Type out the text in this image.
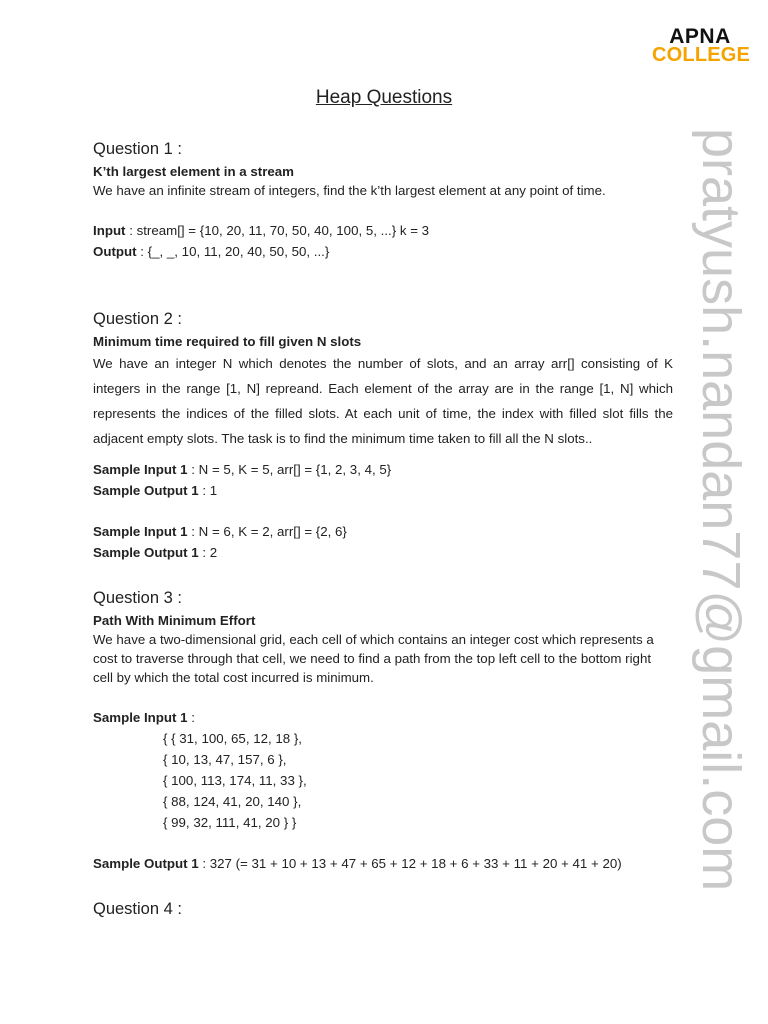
APNA
COLLEGE
pratyush.nandan77@gmail.com
Heap Questions
Question 1 :

K’th largest element in a stream

We have an infinite stream of integers, find the k’th largest element at any point of time.

Input : stream[] = {10, 20, 11, 70, 50, 40, 100, 5, ...} k = 3

Output : {_, _, 10, 11, 20, 40, 50, 50, ...}

Question 2 :

Minimum time required to fill given N slots

We have an integer N which denotes the number of slots, and an array arr[] consisting of K integers in the range [1, N] repreand. Each element of the array are in the range [1, N] which represents the indices of the filled slots. At each unit of time, the index with filled slot fills the adjacent empty slots. The task is to find the minimum time taken to fill all the N slots..

Sample Input 1 : N = 5, K = 5, arr[] = {1, 2, 3, 4, 5}

Sample Output 1 : 1

Sample Input 1 : N = 6, K = 2, arr[] = {2, 6}

Sample Output 1 : 2

Question 3 :

Path With Minimum Effort

We have a two-dimensional grid, each cell of which contains an integer cost which represents a cost to traverse through that cell, we need to find a path from the top left cell to the bottom right cell by which the total cost incurred is minimum.

Sample Input 1 :

{ { 31, 100, 65, 12, 18 },

{ 10, 13, 47, 157, 6 },

{ 100, 113, 174, 11, 33 },

{ 88, 124, 41, 20, 140 },

{ 99, 32, 111, 41, 20 } }

Sample Output 1 : 327 (= 31 + 10 + 13 + 47 + 65 + 12 + 18 + 6 + 33 + 11 + 20 + 41 + 20)

Question 4 :
